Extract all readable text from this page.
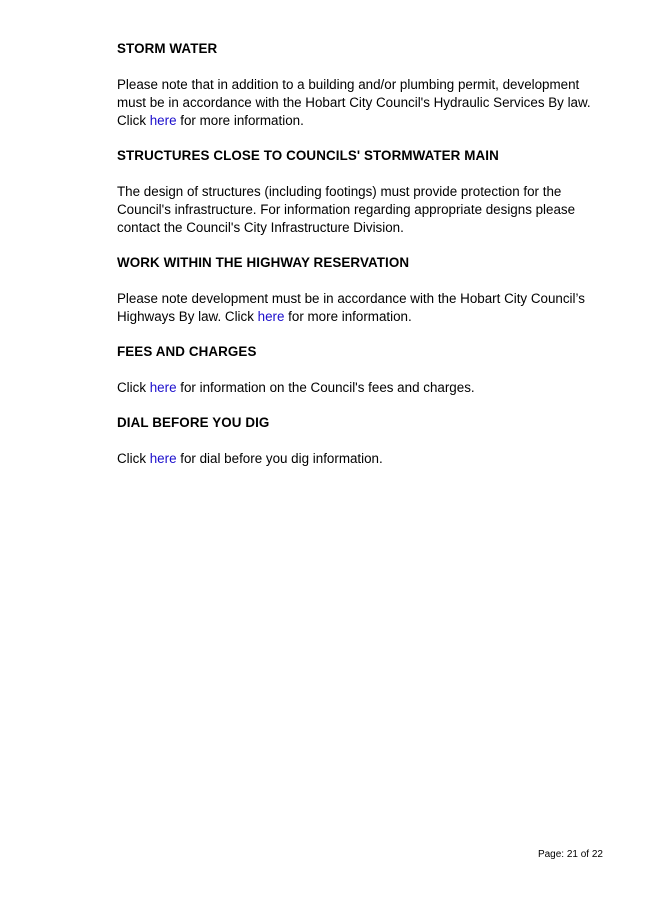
STORM WATER

Please note that in addition to a building and/or plumbing permit, development must be in accordance with the Hobart City Council's Hydraulic Services By law. Click here for more information.

STRUCTURES CLOSE TO COUNCILS' STORMWATER MAIN

The design of structures (including footings) must provide protection for the Council's infrastructure. For information regarding appropriate designs please contact the Council's City Infrastructure Division.

WORK WITHIN THE HIGHWAY RESERVATION

Please note development must be in accordance with the Hobart City Council’s Highways By law. Click here for more information.

FEES AND CHARGES

Click here for information on the Council's fees and charges.

DIAL BEFORE YOU DIG

Click here for dial before you dig information.

Page: 21 of 22
